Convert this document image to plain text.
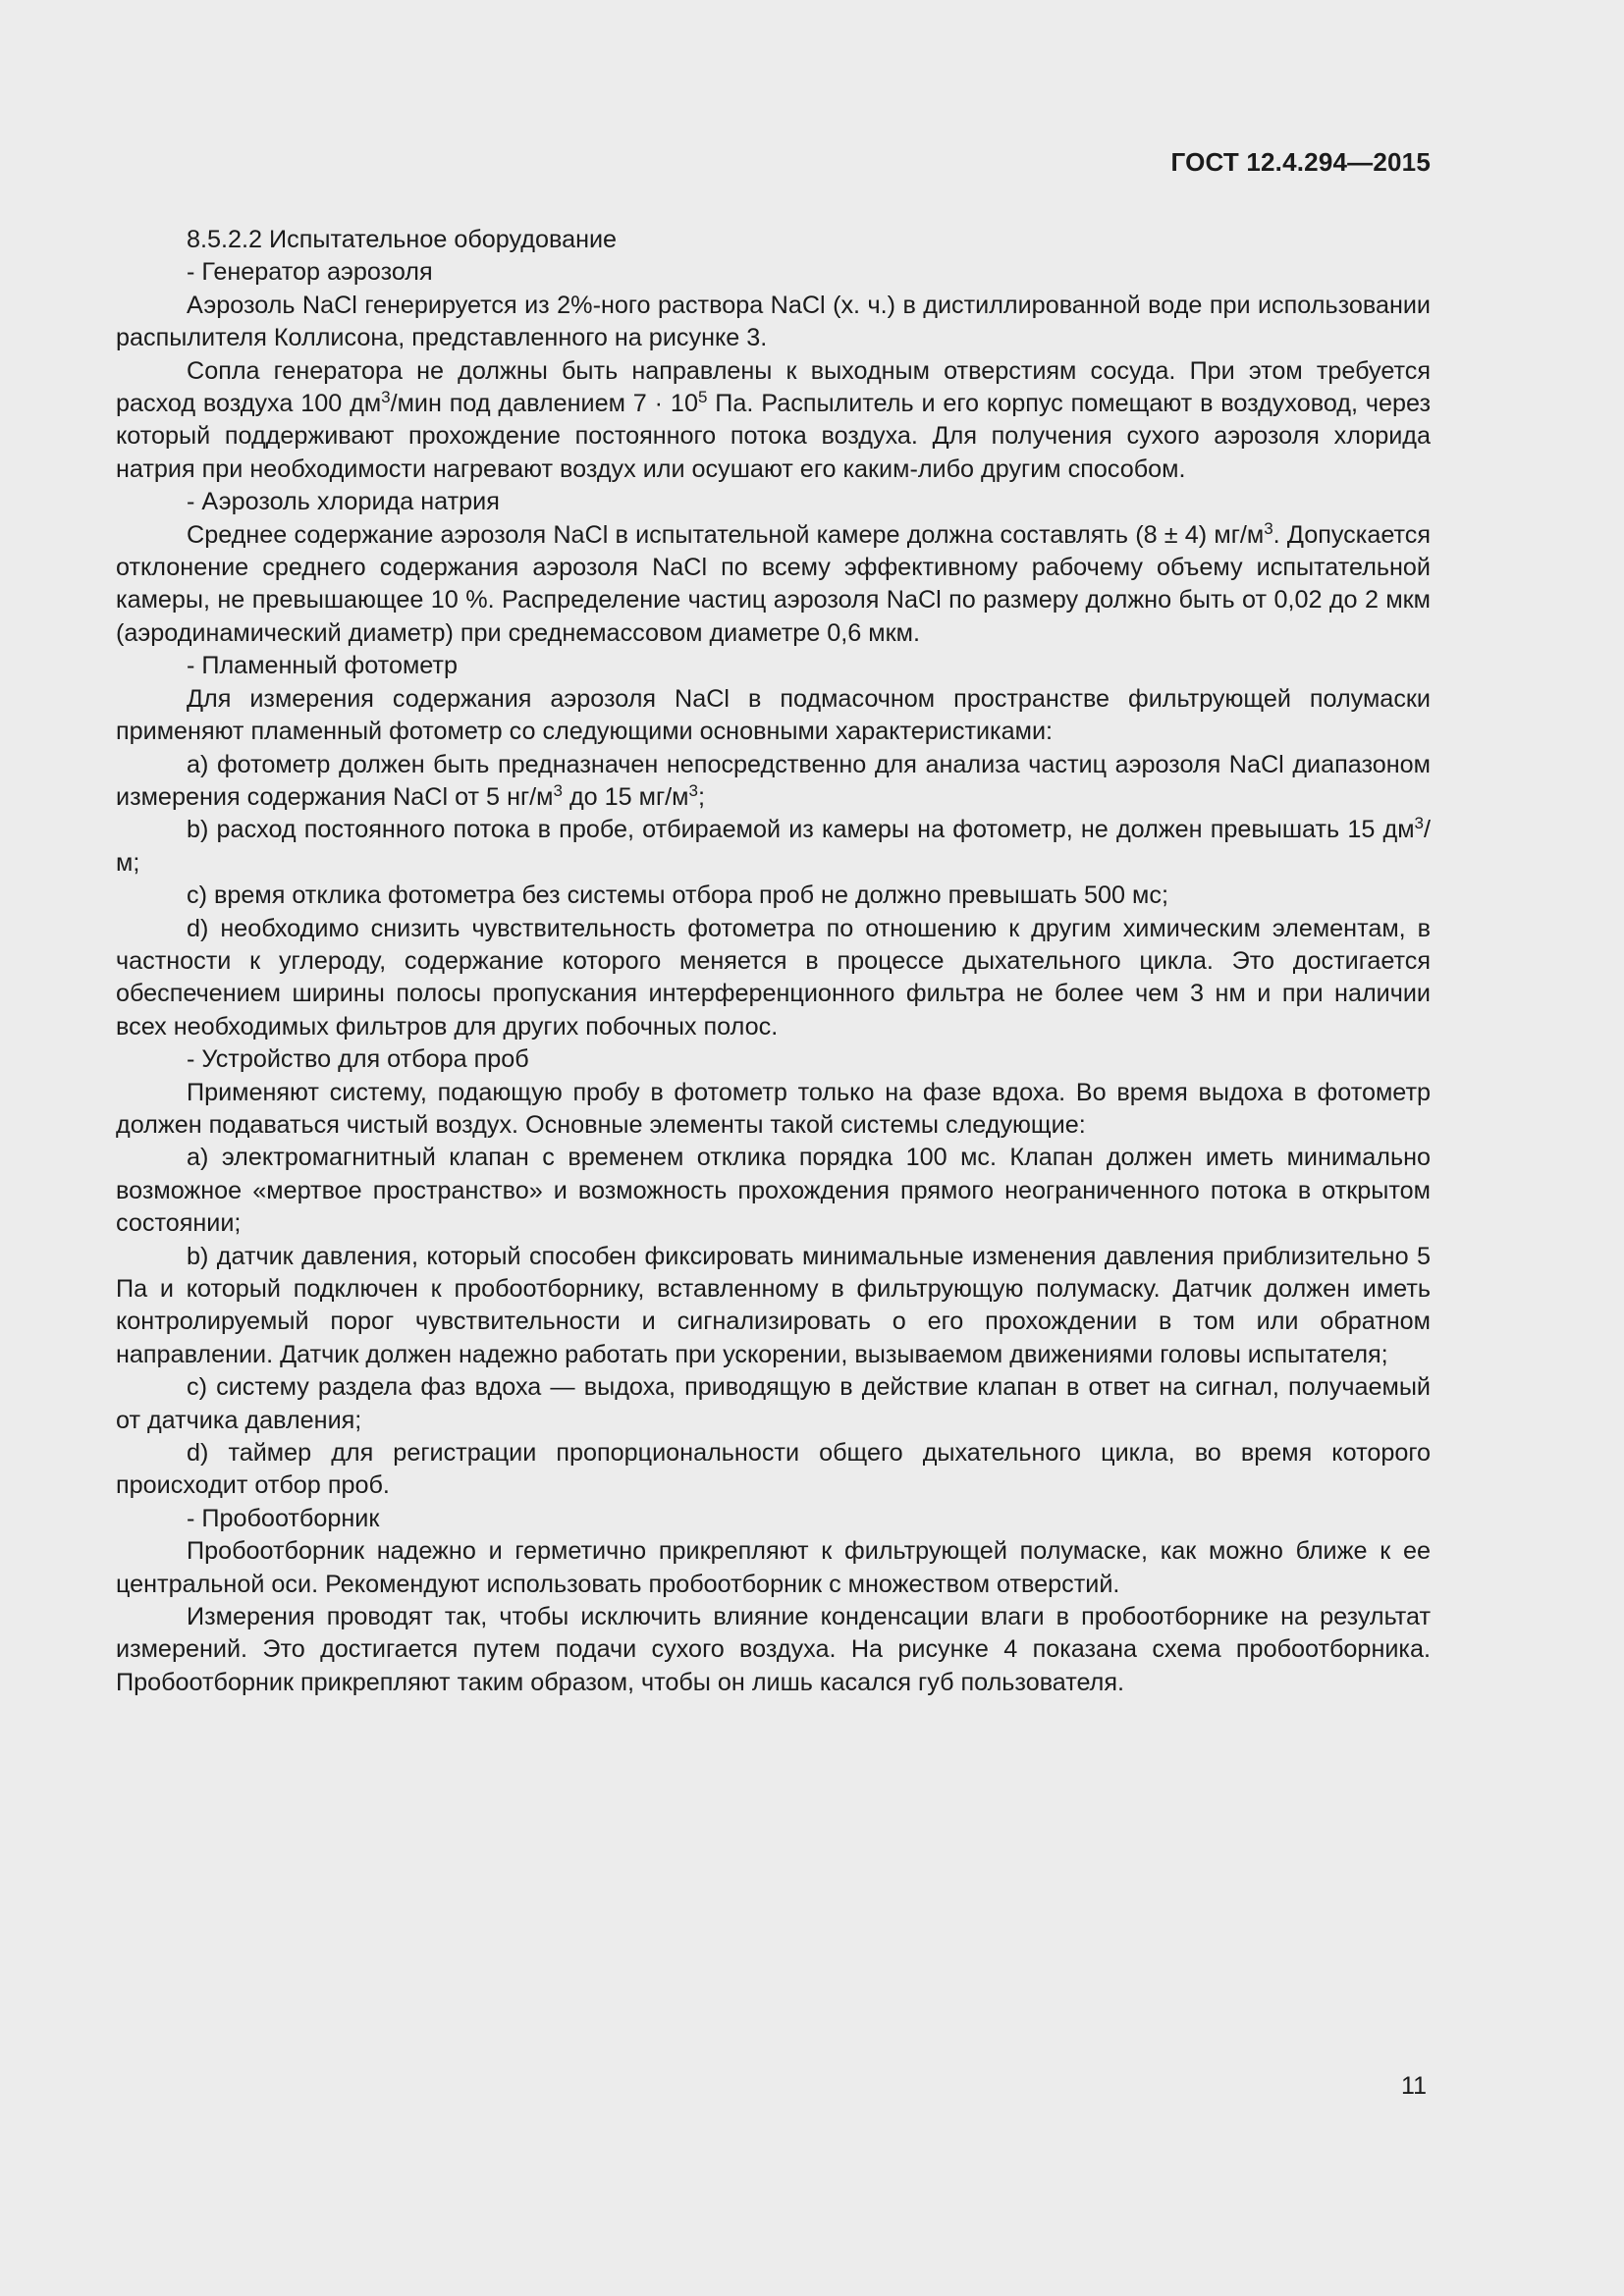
ГОСТ 12.4.294—2015

8.5.2.2 Испытательное оборудование

- Генератор аэрозоля

Аэрозоль NaCl генерируется из 2%-ного раствора NaCl (х. ч.) в дистиллированной воде при использовании распылителя Коллисона, представленного на рисунке 3.

Сопла генератора не должны быть направлены к выходным отверстиям сосуда. При этом требуется расход воздуха 100 $дм^3$/мин под давлением $7 \cdot 10^5$ Па. Распылитель и его корпус помещают в воздуховод, через который поддерживают прохождение постоянного потока воздуха. Для получения сухого аэрозоля хлорида натрия при необходимости нагревают воздух или осушают его каким-либо другим способом.

- Аэрозоль хлорида натрия

Среднее содержание аэрозоля NaCl в испытательной камере должна составлять (8 ± 4) $мг/м^3$. Допускается отклонение среднего содержания аэрозоля NaCl по всему эффективному рабочему объему испытательной камеры, не превышающее 10 %. Распределение частиц аэрозоля NaCl по размеру должно быть от 0,02 до 2 мкм (аэродинамический диаметр) при среднемассовом диаметре 0,6 мкм.

- Пламенный фотометр

Для измерения содержания аэрозоля NaCl в подмасочном пространстве фильтрующей полумаски применяют пламенный фотометр со следующими основными характеристиками:

а) фотометр должен быть предназначен непосредственно для анализа частиц аэрозоля NaCl диапазоном измерения содержания NaCl от 5 $нг/м^3$ до 15 $мг/м^3$;

b) расход постоянного потока в пробе, отбираемой из камеры на фотометр, не должен превышать 15 $дм^3/м$;

с) время отклика фотометра без системы отбора проб не должно превышать 500 мс;

d) необходимо снизить чувствительность фотометра по отношению к другим химическим элементам, в частности к углероду, содержание которого меняется в процессе дыхательного цикла. Это достигается обеспечением ширины полосы пропускания интерференционного фильтра не более чем 3 нм и при наличии всех необходимых фильтров для других побочных полос.

- Устройство для отбора проб

Применяют систему, подающую пробу в фотометр только на фазе вдоха. Во время выдоха в фотометр должен подаваться чистый воздух. Основные элементы такой системы следующие:

а) электромагнитный клапан с временем отклика порядка 100 мс. Клапан должен иметь минимально возможное «мертвое пространство» и возможность прохождения прямого неограниченного потока в открытом состоянии;

b) датчик давления, который способен фиксировать минимальные изменения давления приблизительно 5 Па и который подключен к пробоотборнику, вставленному в фильтрующую полумаску. Датчик должен иметь контролируемый порог чувствительности и сигнализировать о его прохождении в том или обратном направлении. Датчик должен надежно работать при ускорении, вызываемом движениями головы испытателя;

с) систему раздела фаз вдоха — выдоха, приводящую в действие клапан в ответ на сигнал, получаемый от датчика давления;

d) таймер для регистрации пропорциональности общего дыхательного цикла, во время которого происходит отбор проб.

- Пробоотборник

Пробоотборник надежно и герметично прикрепляют к фильтрующей полумаске, как можно ближе к ее центральной оси. Рекомендуют использовать пробоотборник с множеством отверстий.

Измерения проводят так, чтобы исключить влияние конденсации влаги в пробоотборнике на результат измерений. Это достигается путем подачи сухого воздуха. На рисунке 4 показана схема пробоотборника. Пробоотборник прикрепляют таким образом, чтобы он лишь касался губ пользователя.

11
